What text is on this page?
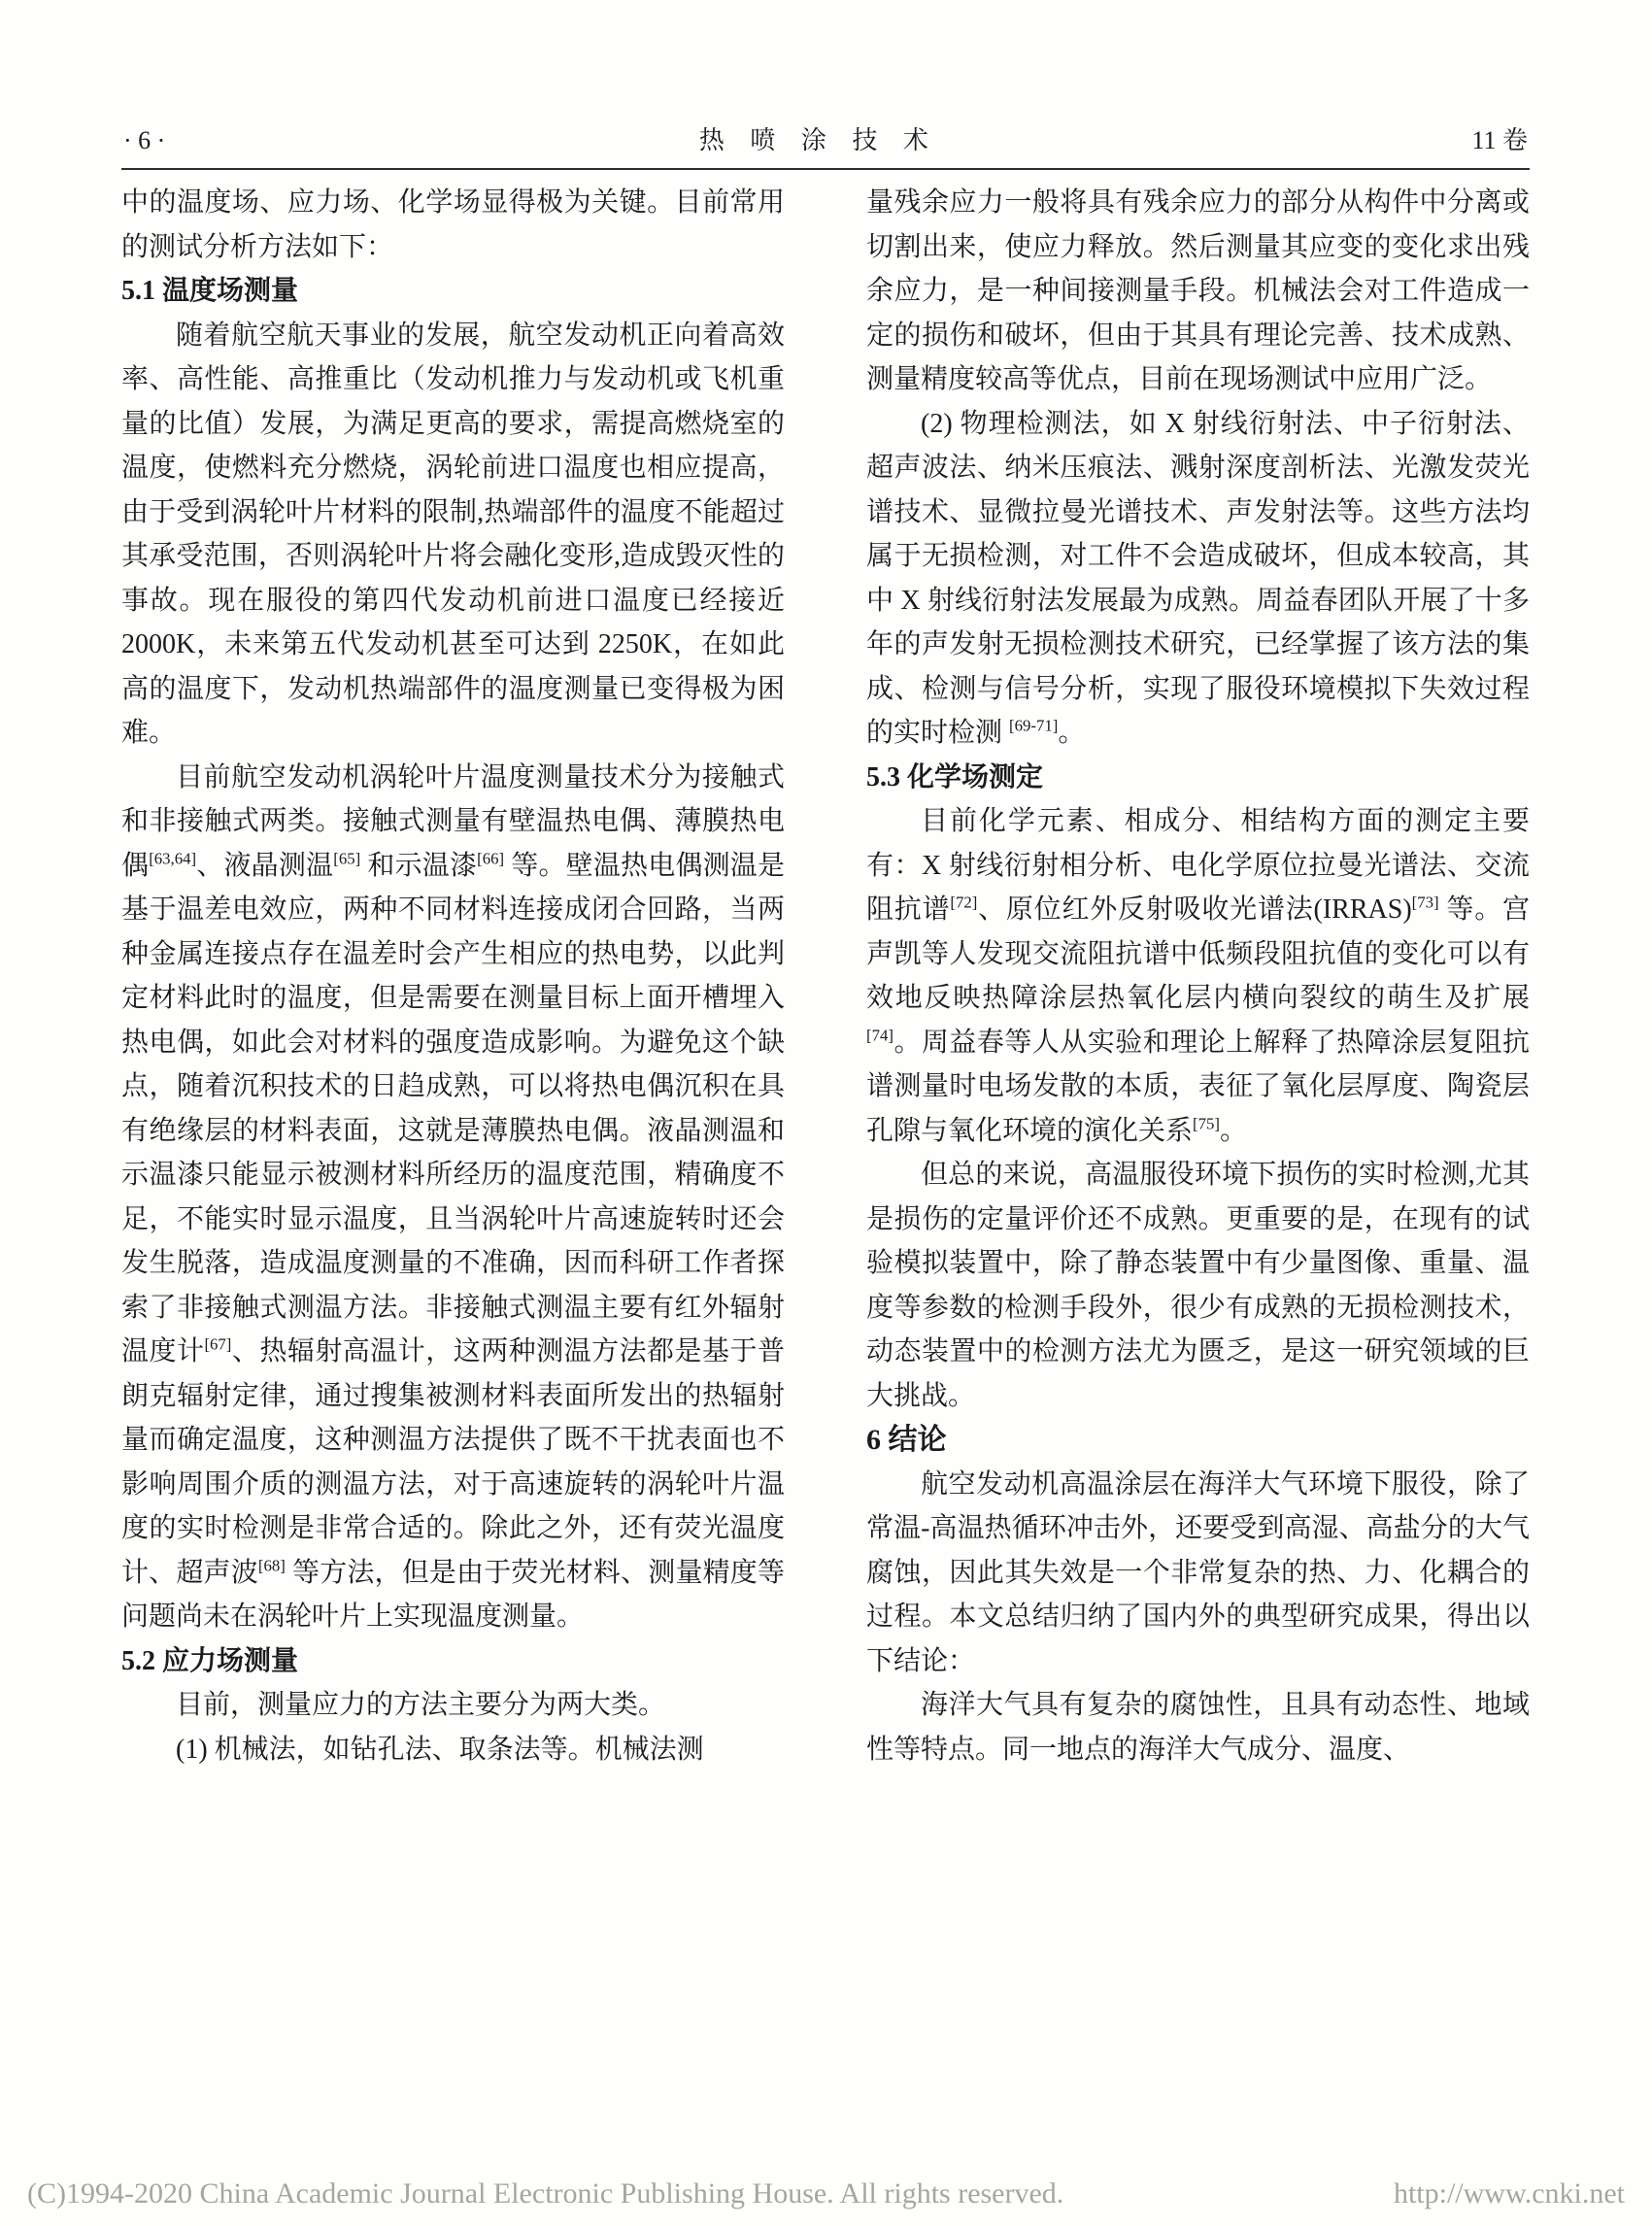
· 6 ·	热 喷 涂 技 术	11 卷

中的温度场、应力场、化学场显得极为关键。目前常用的测试分析方法如下：

5.1 温度场测量

随着航空航天事业的发展，航空发动机正向着高效率、高性能、高推重比（发动机推力与发动机或飞机重量的比值）发展，为满足更高的要求，需提高燃烧室的温度，使燃料充分燃烧，涡轮前进口温度也相应提高，由于受到涡轮叶片材料的限制,热端部件的温度不能超过其承受范围，否则涡轮叶片将会融化变形,造成毁灭性的事故。现在服役的第四代发动机前进口温度已经接近2000K，未来第五代发动机甚至可达到 2250K，在如此高的温度下，发动机热端部件的温度测量已变得极为困难。

目前航空发动机涡轮叶片温度测量技术分为接触式和非接触式两类。接触式测量有壁温热电偶、薄膜热电偶[63,64]、液晶测温[65] 和示温漆[66] 等。壁温热电偶测温是基于温差电效应，两种不同材料连接成闭合回路，当两种金属连接点存在温差时会产生相应的热电势，以此判定材料此时的温度，但是需要在测量目标上面开槽埋入热电偶，如此会对材料的强度造成影响。为避免这个缺点，随着沉积技术的日趋成熟，可以将热电偶沉积在具有绝缘层的材料表面，这就是薄膜热电偶。液晶测温和示温漆只能显示被测材料所经历的温度范围，精确度不足，不能实时显示温度，且当涡轮叶片高速旋转时还会发生脱落，造成温度测量的不准确，因而科研工作者探索了非接触式测温方法。非接触式测温主要有红外辐射温度计[67]、热辐射高温计，这两种测温方法都是基于普朗克辐射定律，通过搜集被测材料表面所发出的热辐射量而确定温度，这种测温方法提供了既不干扰表面也不影响周围介质的测温方法，对于高速旋转的涡轮叶片温度的实时检测是非常合适的。除此之外，还有荧光温度计、超声波[68] 等方法，但是由于荧光材料、测量精度等问题尚未在涡轮叶片上实现温度测量。

5.2 应力场测量

目前，测量应力的方法主要分为两大类。

(1) 机械法，如钻孔法、取条法等。机械法测

量残余应力一般将具有残余应力的部分从构件中分离或切割出来，使应力释放。然后测量其应变的变化求出残余应力，是一种间接测量手段。机械法会对工件造成一定的损伤和破坏，但由于其具有理论完善、技术成熟、测量精度较高等优点，目前在现场测试中应用广泛。

(2) 物理检测法，如 X 射线衍射法、中子衍射法、超声波法、纳米压痕法、溅射深度剖析法、光激发荧光谱技术、显微拉曼光谱技术、声发射法等。这些方法均属于无损检测，对工件不会造成破坏，但成本较高，其中 X 射线衍射法发展最为成熟。周益春团队开展了十多年的声发射无损检测技术研究，已经掌握了该方法的集成、检测与信号分析，实现了服役环境模拟下失效过程的实时检测 [69-71]。

5.3 化学场测定

目前化学元素、相成分、相结构方面的测定主要有：X 射线衍射相分析、电化学原位拉曼光谱法、交流阻抗谱[72]、原位红外反射吸收光谱法(IRRAS)[73] 等。宫声凯等人发现交流阻抗谱中低频段阻抗值的变化可以有效地反映热障涂层热氧化层内横向裂纹的萌生及扩展[74]。周益春等人从实验和理论上解释了热障涂层复阻抗谱测量时电场发散的本质，表征了氧化层厚度、陶瓷层孔隙与氧化环境的演化关系[75]。

但总的来说，高温服役环境下损伤的实时检测,尤其是损伤的定量评价还不成熟。更重要的是，在现有的试验模拟装置中，除了静态装置中有少量图像、重量、温度等参数的检测手段外，很少有成熟的无损检测技术，动态装置中的检测方法尤为匮乏，是这一研究领域的巨大挑战。

6 结论

航空发动机高温涂层在海洋大气环境下服役，除了常温-高温热循环冲击外，还要受到高湿、高盐分的大气腐蚀，因此其失效是一个非常复杂的热、力、化耦合的过程。本文总结归纳了国内外的典型研究成果，得出以下结论：

海洋大气具有复杂的腐蚀性，且具有动态性、地域性等特点。同一地点的海洋大气成分、温度、

(C)1994-2020 China Academic Journal Electronic Publishing House. All rights reserved.	http://www.cnki.net
